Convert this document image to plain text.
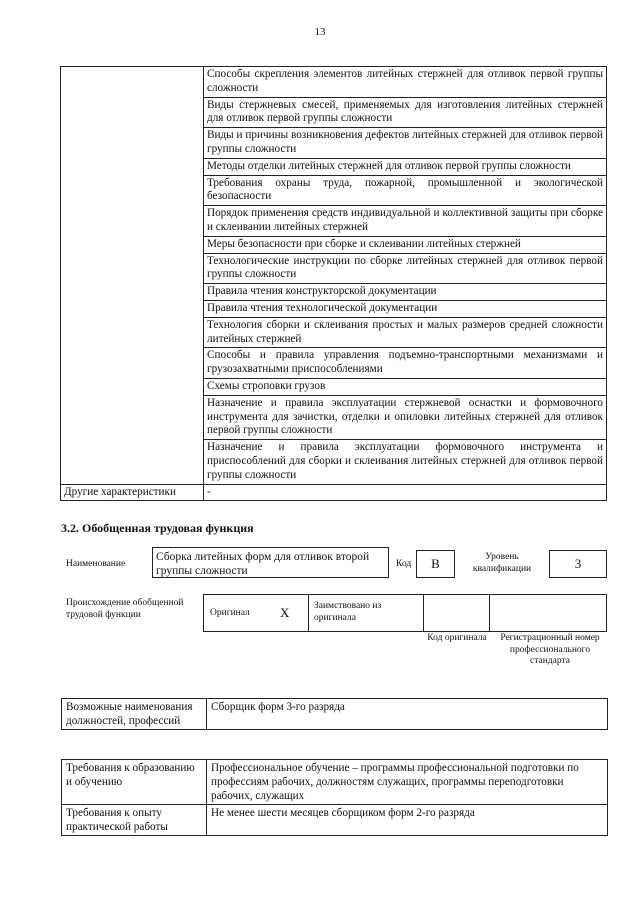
13
	Способы скрепления элементов литейных стержней для отливок первой группы сложности
	Виды стержневых смесей, применяемых для изготовления литейных стержней для отливок первой группы сложности
	Виды и причины возникновения дефектов литейных стержней для отливок первой группы сложности
	Методы отделки литейных стержней для отливок первой группы сложности
	Требования охраны труда, пожарной, промышленной и экологической безопасности
	Порядок применения средств индивидуальной и коллективной защиты при сборке и склеивании литейных стержней
	Меры безопасности при сборке и склеивании литейных стержней
	Технологические инструкции по сборке литейных стержней для отливок первой группы сложности
	Правила чтения конструкторской документации
	Правила чтения технологической документации
	Технология сборки и склеивания простых и малых размеров средней сложности литейных стержней
	Способы и правила управления подъемно-транспортными механизмами и грузозахватными приспособлениями
	Схемы строповки грузов
	Назначение и правила эксплуатации стержневой оснастки и формовочного инструмента для зачистки, отделки и опиловки литейных стержней для отливок первой группы сложности
	Назначение и правила эксплуатации формовочного инструмента и приспособлений для сборки и склеивания литейных стержней для отливок первой группы сложности
Другие характеристики	-
3.2. Обобщенная трудовая функция
Наименование
Сборка литейных форм для отливок второй группы сложности
Код	B	Уровень квалификации	3
Происхождение обобщенной трудовой функции	Оригинал X	Заимствовано из оригинала
Код оригинала	Регистрационный номер профессионального стандарта
Возможные наименования должностей, профессий	Сборщик форм 3-го разряда
Требования к образованию и обучению	Профессиональное обучение – программы профессиональной подготовки по профессиям рабочих, должностям служащих, программы переподготовки рабочих, служащих
Требования к опыту практической работы	Не менее шести месяцев сборщиком форм 2-го разряда
